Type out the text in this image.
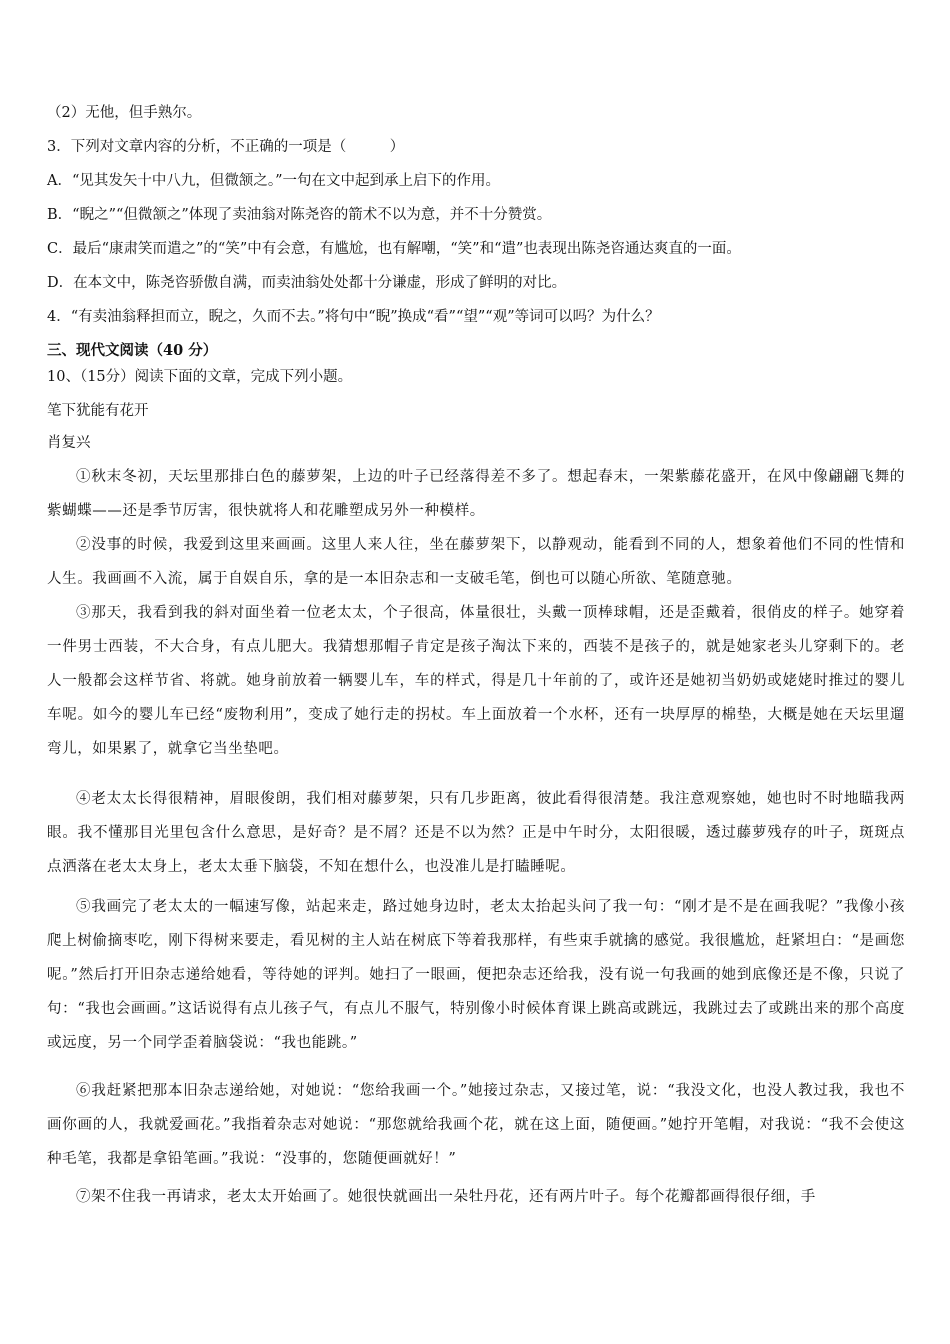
（2）无他，但手熟尔。
3．下列对文章内容的分析，不正确的一项是（　　　）
A．“见其发矢十中八九，但微颔之。”一句在文中起到承上启下的作用。
B．“睨之”“但微颔之”体现了卖油翁对陈尧咨的箭术不以为意，并不十分赞赏。
C．最后“康肃笑而遣之”的“笑”中有会意，有尴尬，也有解嘲，“笑”和“遣”也表现出陈尧咨通达爽直的一面。
D．在本文中，陈尧咨骄傲自满，而卖油翁处处都十分谦虚，形成了鲜明的对比。
4．“有卖油翁释担而立，睨之，久而不去。”将句中“睨”换成“看”“望”“观”等词可以吗？为什么？
三、现代文阅读（40 分）
10、（15分）阅读下面的文章，完成下列小题。
笔下犹能有花开
肖复兴
①秋末冬初，天坛里那排白色的藤萝架，上边的叶子已经落得差不多了。想起春末，一架紫藤花盛开，在风中像翩翩飞舞的紫蝴蝶——还是季节厉害，很快就将人和花雕塑成另外一种模样。
②没事的时候，我爱到这里来画画。这里人来人往，坐在藤萝架下，以静观动，能看到不同的人，想象着他们不同的性情和人生。我画画不入流，属于自娱自乐，拿的是一本旧杂志和一支破毛笔，倒也可以随心所欲、笔随意驰。
③那天，我看到我的斜对面坐着一位老太太，个子很高，体量很壮，头戴一顶棒球帽，还是歪戴着，很俏皮的样子。她穿着一件男士西装，不大合身，有点儿肥大。我猜想那帽子肯定是孩子淘汰下来的，西装不是孩子的，就是她家老头儿穿剩下的。老人一般都会这样节省、将就。她身前放着一辆婴儿车，车的样式，得是几十年前的了，或许还是她初当奶奶或姥姥时推过的婴儿车呢。如今的婴儿车已经“废物利用”，变成了她行走的拐杖。车上面放着一个水杯，还有一块厚厚的棉垫，大概是她在天坛里遛弯儿，如果累了，就拿它当坐垫吧。
④老太太长得很精神，眉眼俊朗，我们相对藤萝架，只有几步距离，彼此看得很清楚。我注意观察她，她也时不时地瞄我两眼。我不懂那目光里包含什么意思，是好奇？是不屑？还是不以为然？正是中午时分，太阳很暖，透过藤萝残存的叶子，斑斑点点洒落在老太太身上，老太太垂下脑袋，不知在想什么，也没准儿是打瞌睡呢。
⑤我画完了老太太的一幅速写像，站起来走，路过她身边时，老太太抬起头问了我一句：“刚才是不是在画我呢？”我像小孩爬上树偷摘枣吃，刚下得树来要走，看见树的主人站在树底下等着我那样，有些束手就擒的感觉。我很尴尬，赶紧坦白：“是画您呢。”然后打开旧杂志递给她看，等待她的评判。她扫了一眼画，便把杂志还给我，没有说一句我画的她到底像还是不像，只说了句：“我也会画画。”这话说得有点儿孩子气，有点儿不服气，特别像小时候体育课上跳高或跳远，我跳过去了或跳出来的那个高度或远度，另一个同学歪着脑袋说：“我也能跳。”
⑥我赶紧把那本旧杂志递给她，对她说：“您给我画一个。”她接过杂志，又接过笔，说：“我没文化，也没人教过我，我也不画你画的人，我就爱画花。”我指着杂志对她说：“那您就给我画个花，就在这上面，随便画。”她拧开笔帽，对我说：“我不会使这种毛笔，我都是拿铅笔画。”我说：“没事的，您随便画就好！”
⑦架不住我一再请求，老太太开始画了。她很快就画出一朵牡丹花，还有两片叶子。每个花瓣都画得很仔细，手
